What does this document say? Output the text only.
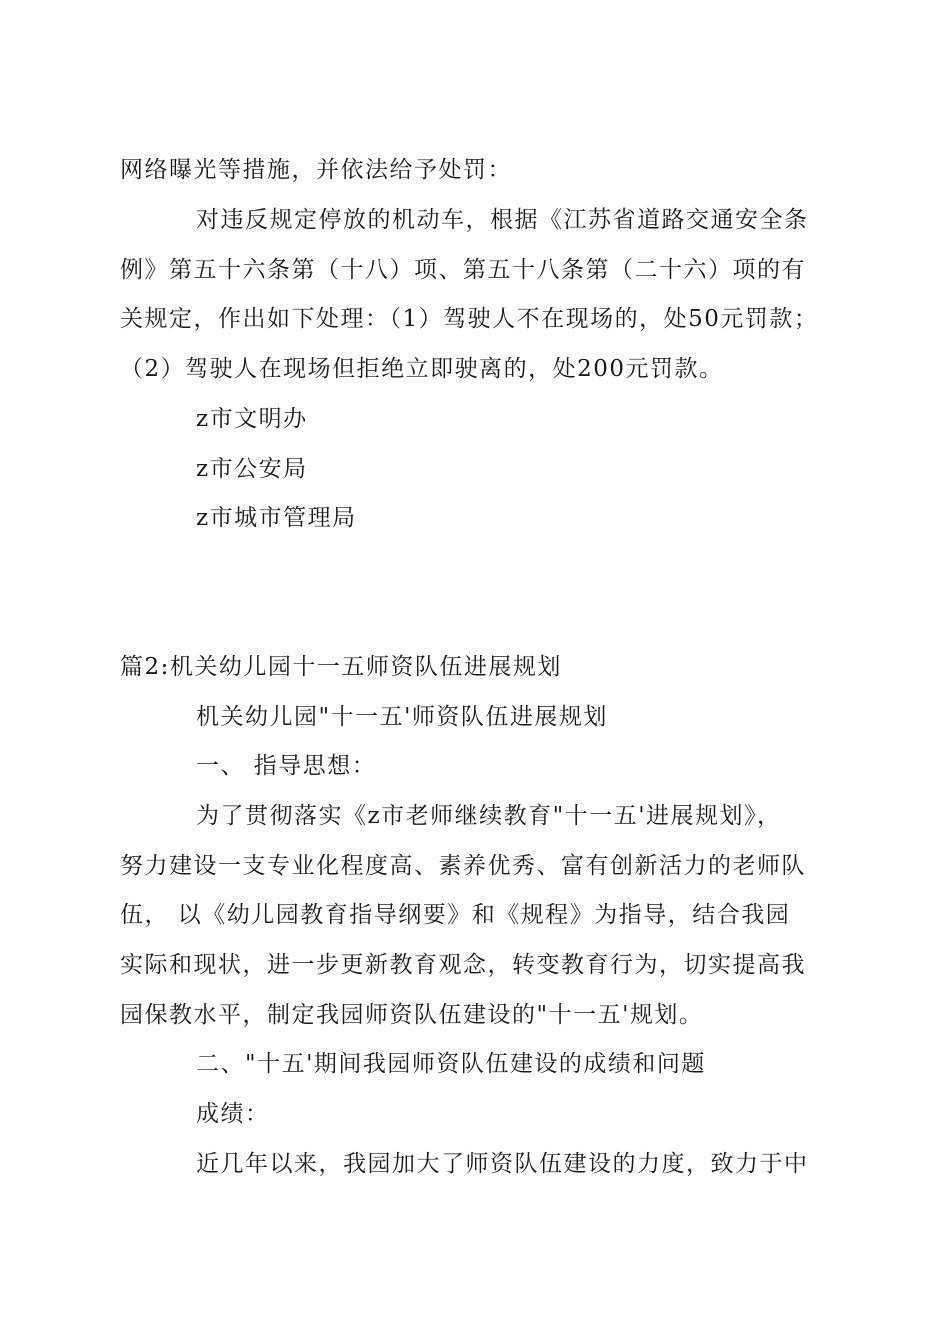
网络曝光等措施，并依法给予处罚：
对违反规定停放的机动车，根据《江苏省道路交通安全条
例》第五十六条第（十八）项、第五十八条第（二十六）项的有
关规定，作出如下处理：（1）驾驶人不在现场的，处50元罚款；
（2）驾驶人在现场但拒绝立即驶离的，处200元罚款。
z市文明办
z市公安局
z市城市管理局
篇2:机关幼儿园十一五师资队伍进展规划
机关幼儿园"十一五'师资队伍进展规划
一、 指导思想：
为了贯彻落实《z市老师继续教育"十一五'进展规划》，
努力建设一支专业化程度高、素养优秀、富有创新活力的老师队
伍， 以《幼儿园教育指导纲要》和《规程》为指导，结合我园
实际和现状，进一步更新教育观念，转变教育行为，切实提高我
园保教水平，制定我园师资队伍建设的"十一五'规划。
二、"十五'期间我园师资队伍建设的成绩和问题
成绩：
近几年以来，我园加大了师资队伍建设的力度，致力于中
